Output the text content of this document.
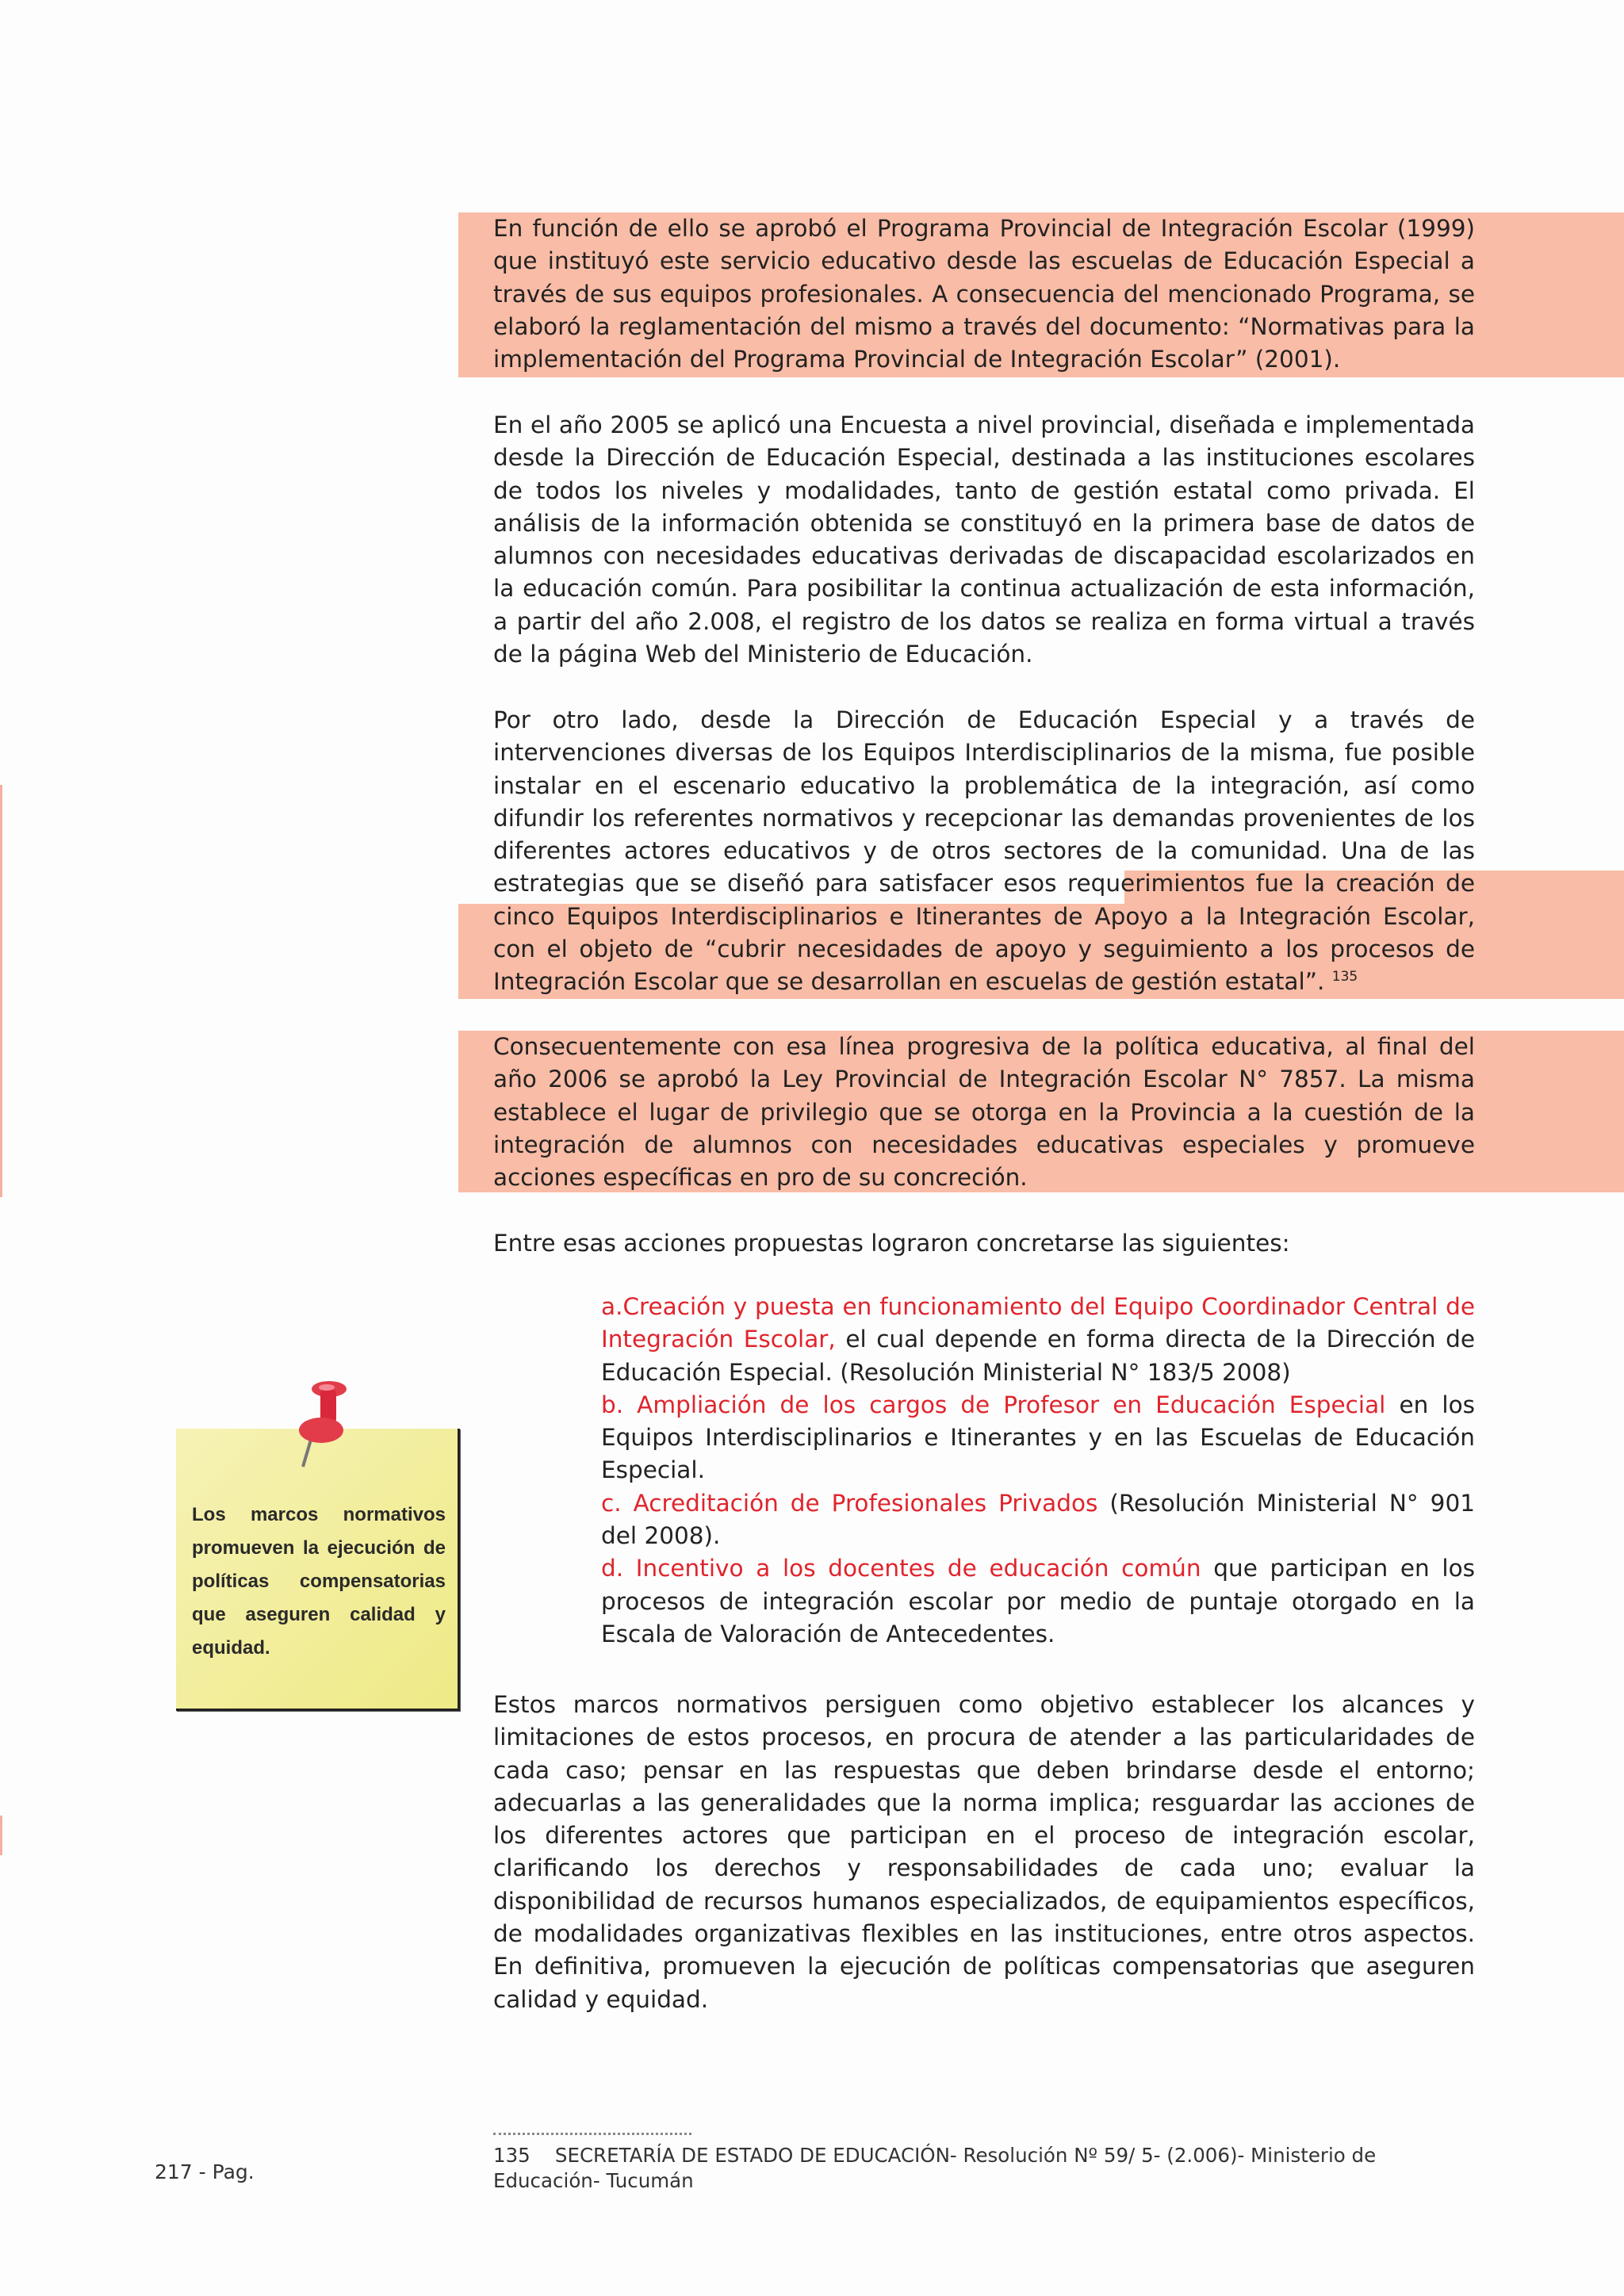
En función de ello se aprobó el Programa Provincial de Integración Escolar (1999) que instituyó este servicio educativo desde las escuelas de Educación Especial a través de sus equipos profesionales. A consecuencia del mencionado Programa, se elaboró la reglamentación del mismo a través del documento: “Normativas para la implementación del Programa Provincial de Integración Escolar” (2001).

En el año 2005 se aplicó una Encuesta a nivel provincial, diseñada e implementada desde la Dirección de Educación Especial, destinada a las instituciones escolares de todos los niveles y modalidades, tanto de gestión estatal como privada. El análisis de la información obtenida se constituyó en la primera base de datos de alumnos con necesidades educativas derivadas de discapacidad escolarizados en la educación común. Para posibilitar la continua actualización de esta información, a partir del año 2.008, el registro de los datos se realiza en forma virtual a través de la página Web del Ministerio de Educación.

Por otro lado, desde la Dirección de Educación Especial y a través de intervenciones diversas de los Equipos Interdisciplinarios de la misma, fue posible instalar en el escenario educativo la problemática de la integración, así como difundir los referentes normativos y recepcionar las demandas provenientes de los diferentes actores educativos y de otros sectores de la comunidad. Una de las estrategias que se diseñó para satisfacer esos requerimientos fue la creación de cinco Equipos Interdisciplinarios e Itinerantes de Apoyo a la Integración Escolar, con el objeto de “cubrir necesidades de apoyo y seguimiento a los procesos de Integración Escolar que se desarrollan en escuelas de gestión estatal”. $^{135}$

Consecuentemente con esa línea progresiva de la política educativa, al final del año 2006 se aprobó la Ley Provincial de Integración Escolar N° 7857. La misma establece el lugar de privilegio que se otorga en la Provincia a la cuestión de la integración de alumnos con necesidades educativas especiales y promueve acciones específicas en pro de su concreción.

Entre esas acciones propuestas lograron concretarse las siguientes:

a.Creación y puesta en funcionamiento del Equipo Coordinador Central de Integración Escolar, el cual depende en forma directa de la Dirección de Educación Especial. (Resolución Ministerial N° 183/5 2008)
b. Ampliación de los cargos de Profesor en Educación Especial en los Equipos Interdisciplinarios e Itinerantes y en las Escuelas de Educación Especial.
c. Acreditación de Profesionales Privados (Resolución Ministerial N° 901 del 2008).
d. Incentivo a los docentes de educación común que participan en los procesos de integración escolar por medio de puntaje otorgado en la Escala de Valoración de Antecedentes.

Estos marcos normativos persiguen como objetivo establecer los alcances y limitaciones de estos procesos, en procura de atender a las particularidades de cada caso; pensar en las respuestas que deben brindarse desde el entorno; adecuarlas a las generalidades que la norma implica; resguardar las acciones de los diferentes actores que participan en el proceso de integración escolar, clarificando los derechos y responsabilidades de cada uno; evaluar la disponibilidad de recursos humanos especializados, de equipamientos específicos, de modalidades organizativas flexibles en las instituciones, entre otros aspectos. En definitiva, promueven la ejecución de políticas compensatorias que aseguren calidad y equidad.

Los marcos normativos promueven la ejecución de políticas compensatorias que aseguren calidad y equidad.
217 - Pag.
135 SECRETARÍA DE ESTADO DE EDUCACIÓN- Resolución Nº 59/ 5- (2.006)- Ministerio de Educación- Tucumán
